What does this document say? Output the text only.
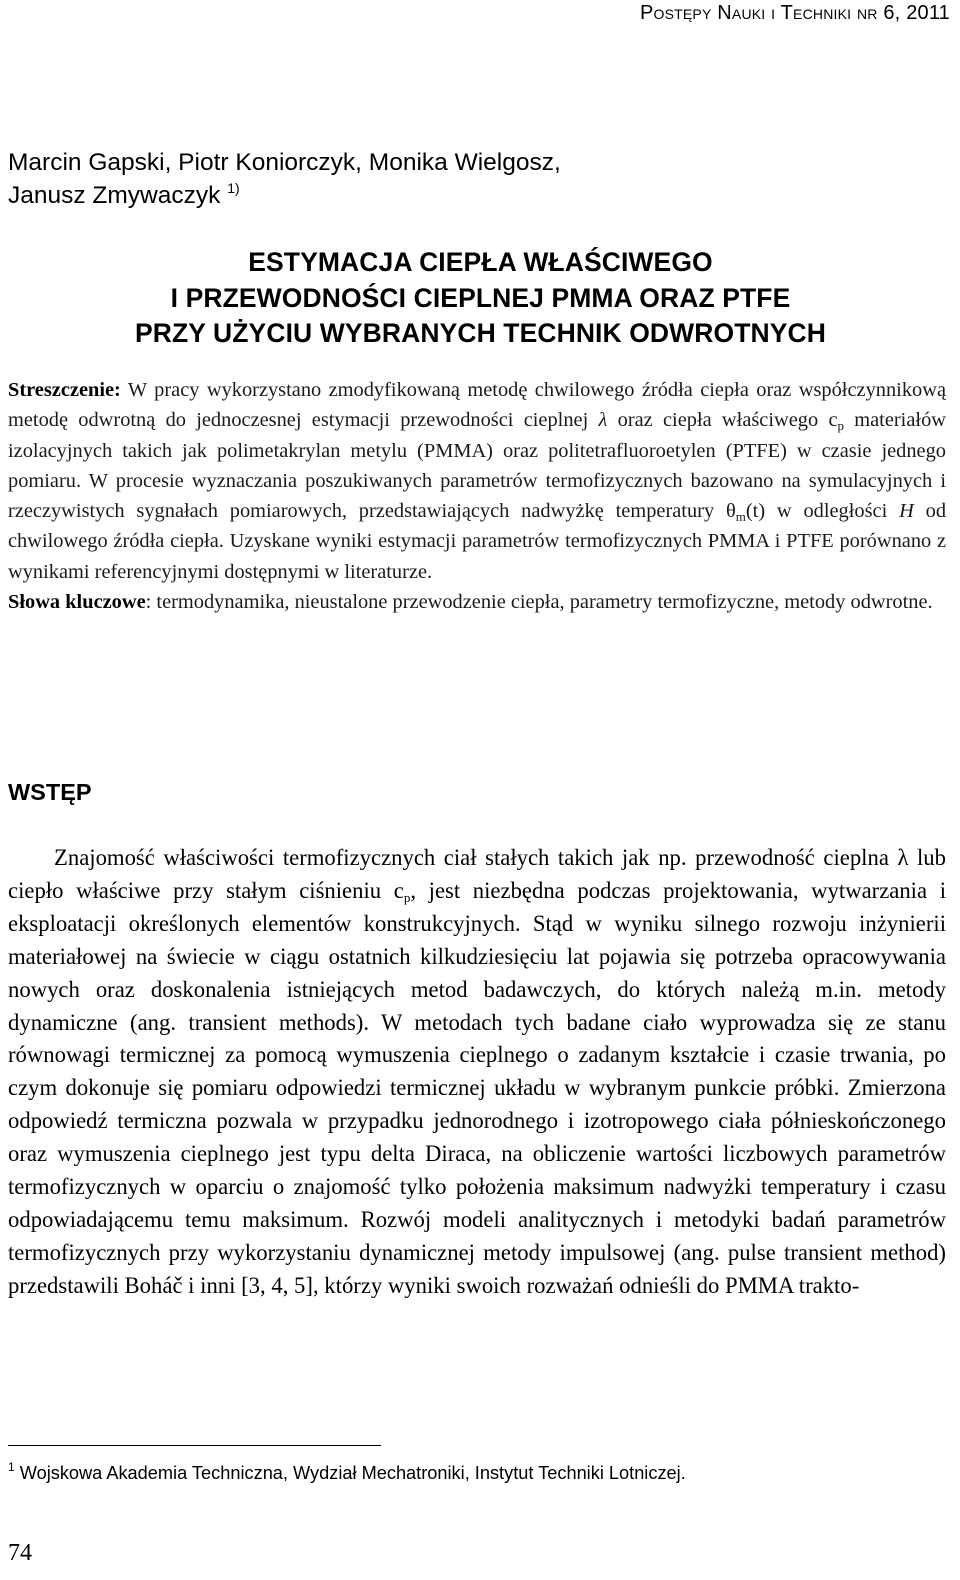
Postępy Nauki i Techniki nr 6, 2011
Marcin Gapski, Piotr Koniorczyk, Monika Wielgosz,
Janusz Zmywaczyk $^{1)}$
ESTYMACJA CIEPŁA WŁAŚCIWEGO
I PRZEWODNOŚCI CIEPLNEJ PMMA ORAZ PTFE
PRZY UŻYCIU WYBRANYCH TECHNIK ODWROTNYCH

Streszczenie: W pracy wykorzystano zmodyfikowaną metodę chwilowego źródła ciepła oraz współczynnikową metodę odwrotną do jednoczesnej estymacji przewodności cieplnej λ oraz ciepła właściwego $c_p$ materiałów izolacyjnych takich jak polimetakrylan metylu (PMMA) oraz politetrafluoroetylen (PTFE) w czasie jednego pomiaru. W procesie wyznaczania poszukiwanych parametrów termofizycznych bazowano na symulacyjnych i rzeczywistych sygnałach pomiarowych, przedstawiających nadwyżkę temperatury $\theta_m(t)$ w odległości H od chwilowego źródła ciepła. Uzyskane wyniki estymacji parametrów termofizycznych PMMA i PTFE porównano z wynikami referencyjnymi dostępnymi w literaturze.

Słowa kluczowe: termodynamika, nieustalone przewodzenie ciepła, parametry termofizyczne, metody odwrotne.

WSTĘP

Znajomość właściwości termofizycznych ciał stałych takich jak np. przewodność cieplna λ lub ciepło właściwe przy stałym ciśnieniu $c_p$, jest niezbędna podczas projektowania, wytwarzania i eksploatacji określonych elementów konstrukcyjnych. Stąd w wyniku silnego rozwoju inżynierii materiałowej na świecie w ciągu ostatnich kilkudziesięciu lat pojawia się potrzeba opracowywania nowych oraz doskonalenia istniejących metod badawczych, do których należą m.in. metody dynamiczne (ang. transient methods). W metodach tych badane ciało wyprowadza się ze stanu równowagi termicznej za pomocą wymuszenia cieplnego o zadanym kształcie i czasie trwania, po czym dokonuje się pomiaru odpowiedzi termicznej układu w wybranym punkcie próbki. Zmierzona odpowiedź termiczna pozwala w przypadku jednorodnego i izotropowego ciała półnieskończonego oraz wymuszenia cieplnego jest typu delta Diraca, na obliczenie wartości liczbowych parametrów termofizycznych w oparciu o znajomość tylko położenia maksimum nadwyżki temperatury i czasu odpowiadającemu temu maksimum. Rozwój modeli analitycznych i metodyki badań parametrów termofizycznych przy wykorzystaniu dynamicznej metody impulsowej (ang. pulse transient method) przedstawili Boháč i inni [3, 4, 5], którzy wyniki swoich rozważań odnieśli do PMMA trakto-

$^1$ Wojskowa Akademia Techniczna, Wydział Mechatroniki, Instytut Techniki Lotniczej.
74
